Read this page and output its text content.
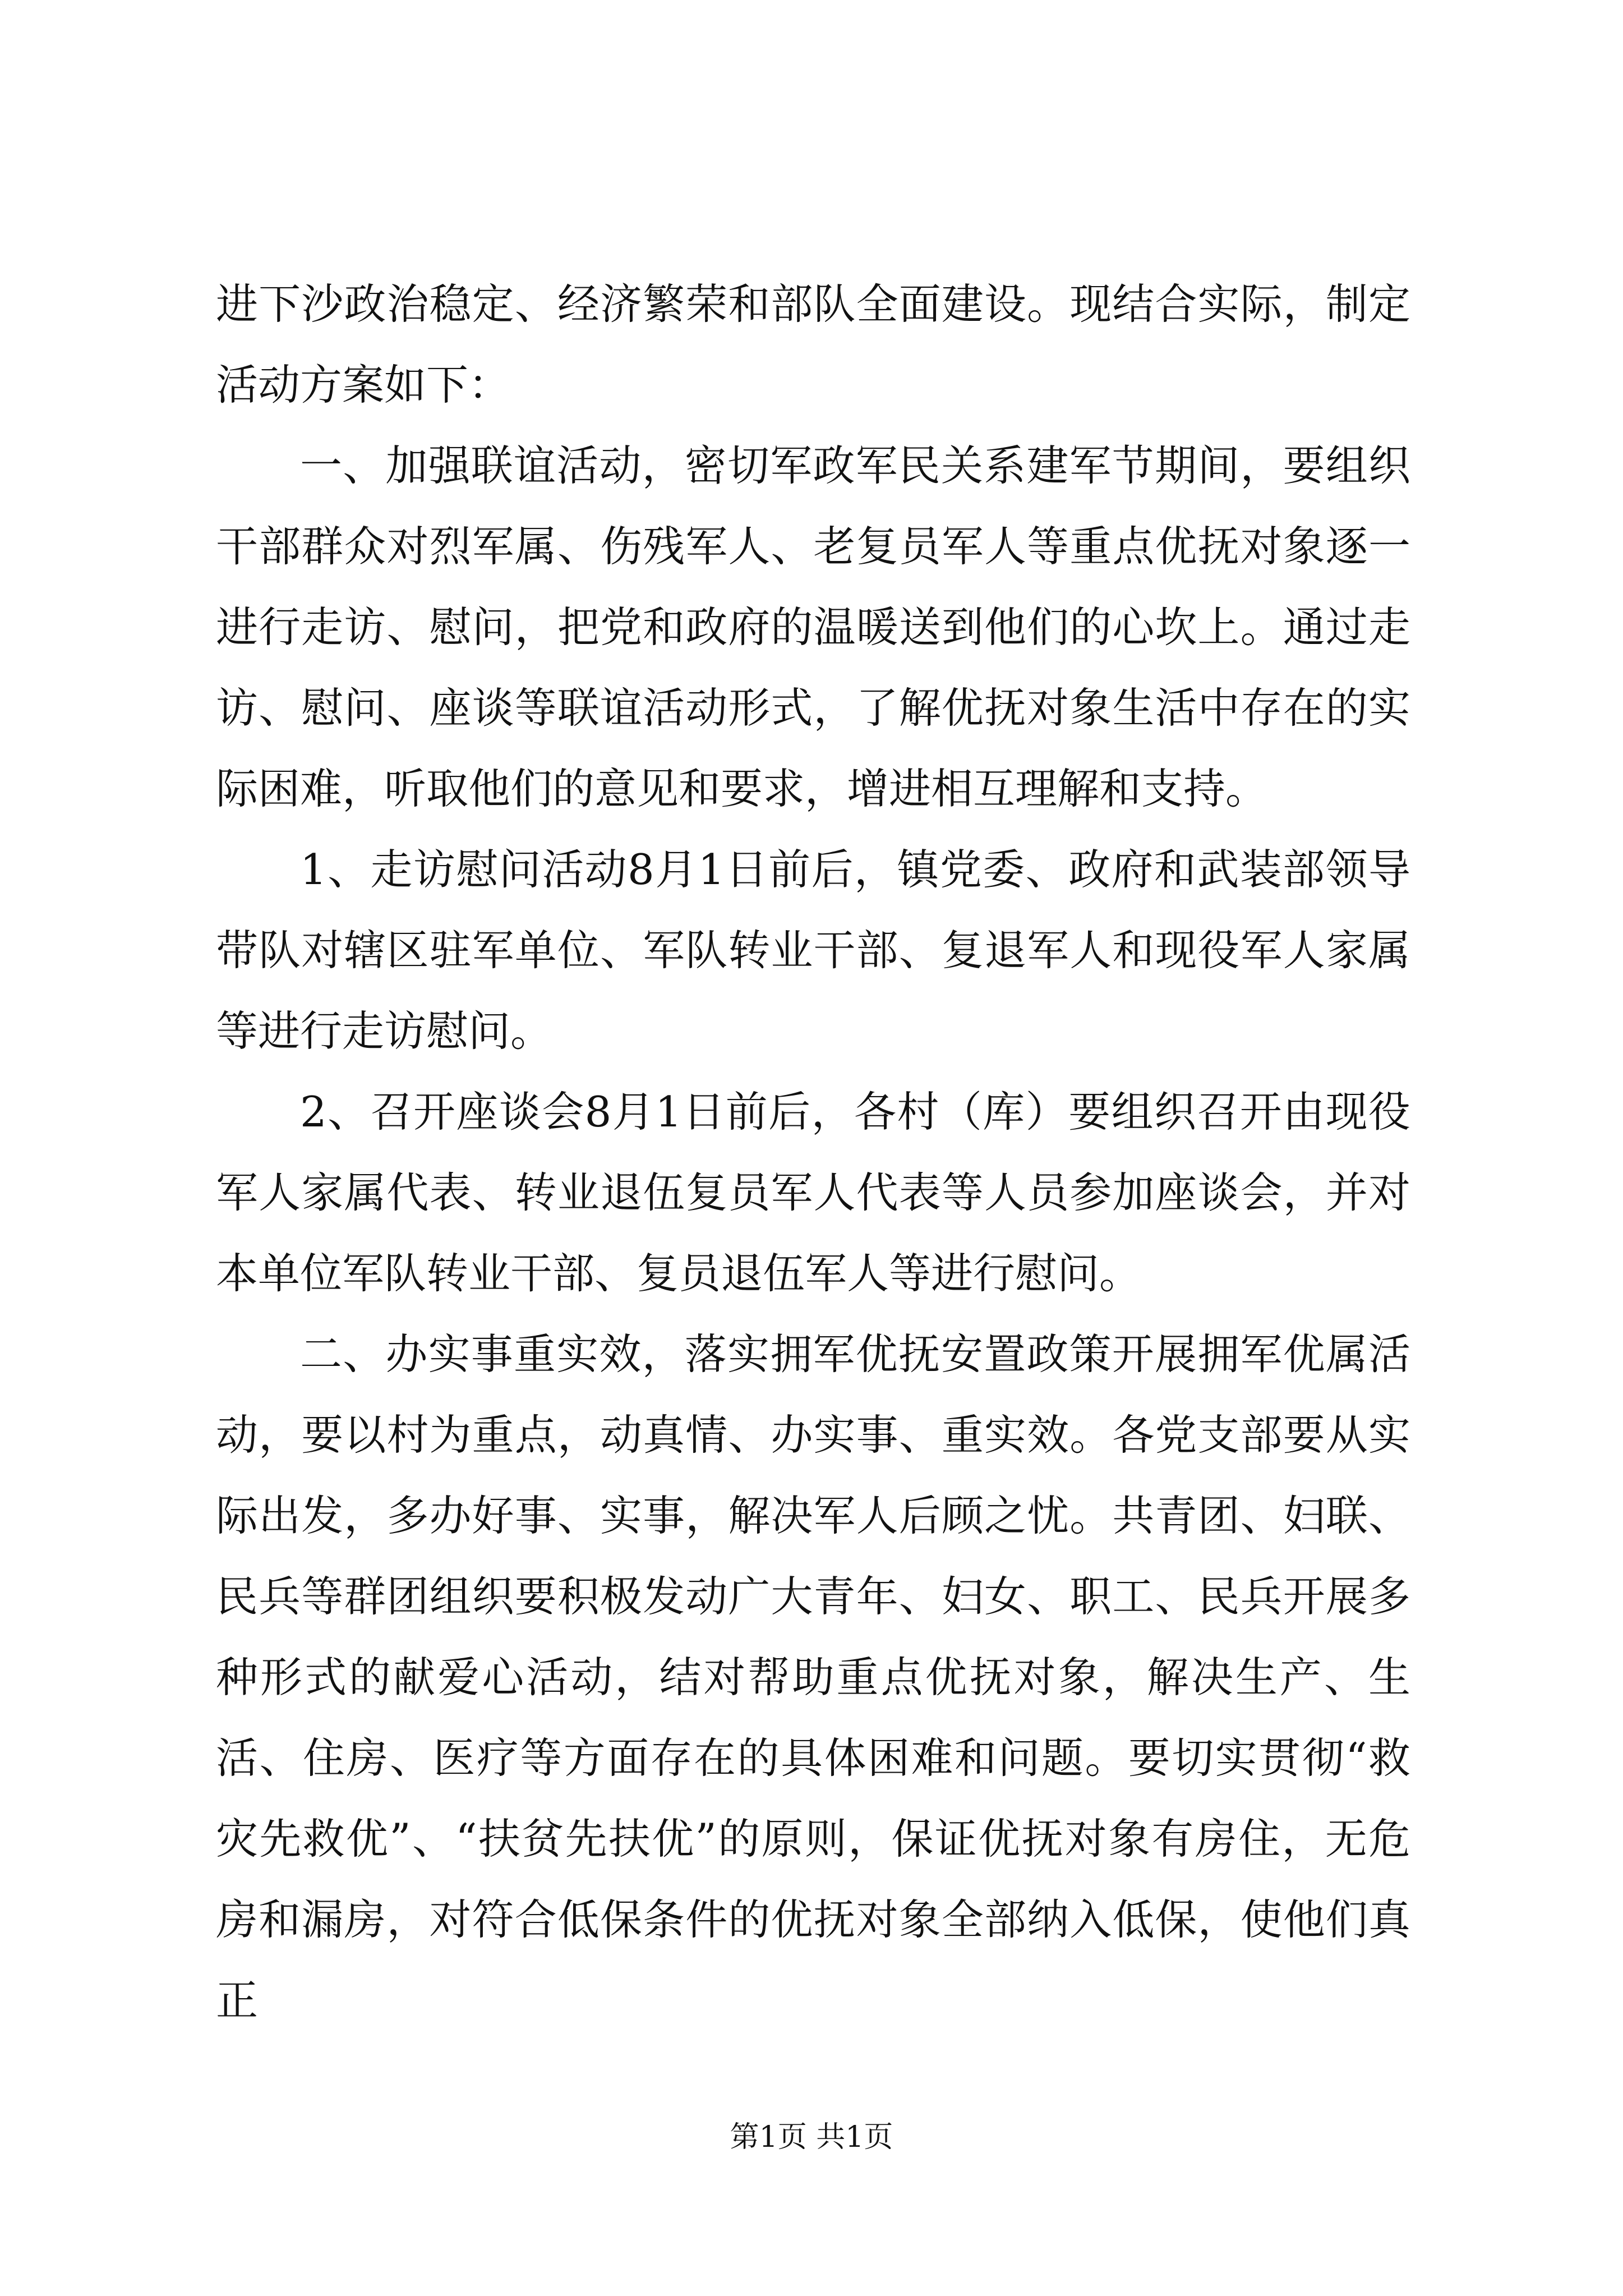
进下沙政治稳定、经济繁荣和部队全面建设。现结合实际，制定活动方案如下：

一、加强联谊活动，密切军政军民关系建军节期间，要组织干部群众对烈军属、伤残军人、老复员军人等重点优抚对象逐一进行走访、慰问，把党和政府的温暖送到他们的心坎上。通过走访、慰问、座谈等联谊活动形式，了解优抚对象生活中存在的实际困难，听取他们的意见和要求，增进相互理解和支持。

1、走访慰问活动8月1日前后，镇党委、政府和武装部领导带队对辖区驻军单位、军队转业干部、复退军人和现役军人家属等进行走访慰问。

2、召开座谈会8月1日前后，各村（库）要组织召开由现役军人家属代表、转业退伍复员军人代表等人员参加座谈会，并对本单位军队转业干部、复员退伍军人等进行慰问。

二、办实事重实效，落实拥军优抚安置政策开展拥军优属活动，要以村为重点，动真情、办实事、重实效。各党支部要从实际出发，多办好事、实事，解决军人后顾之忧。共青团、妇联、民兵等群团组织要积极发动广大青年、妇女、职工、民兵开展多种形式的献爱心活动，结对帮助重点优抚对象，解决生产、生活、住房、医疗等方面存在的具体困难和问题。要切实贯彻“救灾先救优”、“扶贫先扶优”的原则，保证优抚对象有房住，无危房和漏房，对符合低保条件的优抚对象全部纳入低保，使他们真正

第1页 共1页
